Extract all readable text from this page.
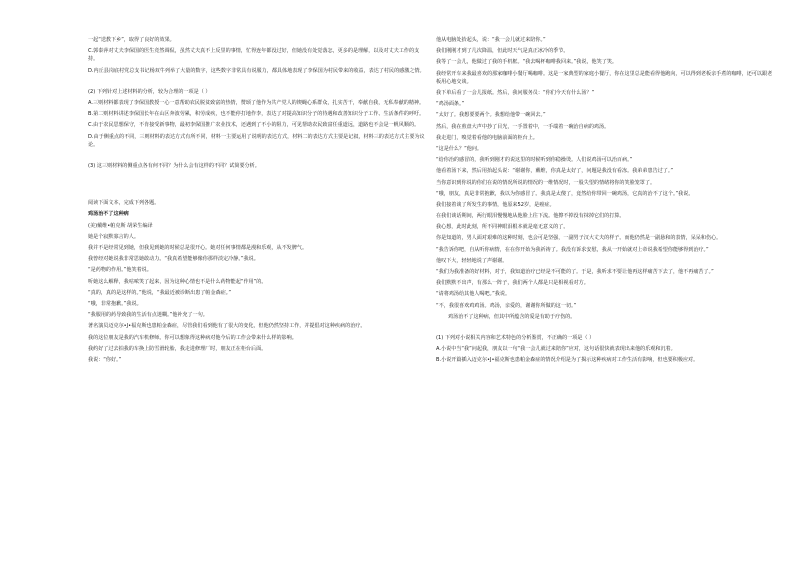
一起“送教下乡”，取得了良好的效果。

C.郭泰萍对丈夫李保国的医生竞然调侃，虽然丈夫真不上反里的事情，忙得连年都没过好，但她没有处觉落怎，更多的是理解，以及对丈夫工作的支持。

D.内丘县岗底村党总支书记杨双牛列举了大量的数字，这些数字非常具有说服力，都具体地表现了李保国为村民带来的收益，表达了村民的感激之情。

(2) 下列针对上述材料的分析，较为合理的一项是（ ）

A.三则材料都表现了李保国教授一心一意帮助农民脱贫致富的热情，赞颂了他作为共产党人的锲蝇心系群众，扎实苦干，奉献自我，无私奉献的精神。

B.第二则材料讲述李保国长年在山区奔波劳累，积劳成疾，也不能停打地作李，表达了对提高知识分子的待遇和改善知识分子工作、生活条件的呼吁。

C.由于农民思想保守，不肯接受新事物，最初李保国推广农业技术，还遇到了不小的阻力，可见帮助农民致富任重道远，道路也不会是一帆风顺的。

D.由于侧重点的不同，三则材料的表达方式有所不同，材料一主要运用了说明的表达方式，材料二的表达方式主要是记叙，材料三的表达方式主要为议论。

(3) 这三则材料的侧重点各有何不同？为什么会有这样的不同？试简要分析。

阅读下面文本，完成下列各题。

鸡汤治不了这种病

(美)戴维•帕克斯 胡荣生编译

她是个寂默寡言的人。

我并不是经常见到她，但我见到她的时候总是很开心。她对任何事情都是漫和乐观，从不发脾气。

我曾经对她说我非常思她敢动力。“我真希望能够像你那样淡定冷静。”我说。

“是药物的作用。”他笑着说。

听她这么解释，我咕哝笑了起来，因为这种心情也不是什么药物能起“作用”的。

“真的，真的是这样的。”他说，“我最近被诊断出患了帕金森症。”

“哦，非常抱歉。”我说。

“我服用的药导致我的生活有点迷糊。”他补充了一句。

著名演员迈克尔•J•福克斯也患帕金森症，尽管我们看到他有了很大的变化，但他仍然坚持工作，并提倡对这种疾病的治疗。

我的这位朋友是我的汽车机修师。你可以想象得这种病对他今后的工作会带来什么样的影响。

我约好了过去拍我的车换上防雪滑轮胎，我走进修理厂时，朋友正在柜台后面。

我说：“你好。”

他从电脑处抬起头，说：“我一会儿就过来陪你。”

我们刚刚才到了几次降温，但此时天气是真正冰冷的季节。

我等了一会儿，他做过了我的手机框。“我去喝杯咖啡我回来。”我说，他笑了笑。

我经常开车来我最喜欢的那家咖啡小餐厅喝咖啡。这是一家典型的家庭小餐厅，你在这里总是能看得他跑向，可以得到老板亲手煮的咖啡，还可以跟老板用心地交谈。

我下单后看了一会儿报纸。然后，我问服务员：“你们今天有什么汤？”

“鸡汤面条。”

“太好了。我想要要两个。我想给他带一碗回去。”

然后，我在煎盘大声中抄了目光，一手置着中，一手端着一碗治自病的鸡汤。

我走进门，嗅觉着看他的电脑前面的柜台上。

“这是什么？”他问。

“给你治的感冒的，我听到刚才的说这里的时候听到你稳操烫。人们说鸡汤可以治百病。”

他看着汤下来，然后用抬起头说：“谢谢你，戴维，你真是太好了，问题是我没有看冻。我弟弟患告过了。”

当你意识到你说的你们在说的情况所说的情况的一维情况时，一股失望的情绪将你的笑脸笼罩了。

“哦，朋友，真是非常抱歉，我以为你感冒了。我真是太傻了，竟然给你带回一碗鸡汤，它真的治不了这个。”我说。

我们接着谈了所发生的事情，他原来52岁，是癌症。

在我们谈话期间，两行眼泪慢慢地从他脸上往下流。他擦不掉没有抹掉它们的打算。

我心想，此时此刻，所不同神眼泪根本就是毫无意义的了。

你是知道的，男人面对艰难的这种时刻，也会可是坚强，一副男子汉大丈夫的样子。而他仍然是一副悬和的表情，呆呆和伤心。

“我告诉你吧，自从听你病情，在在你开始为我祈祷了。我没有诉求安慰，我从一开始就对上帝说我希望你能够得到治疗。”

他叹下大，轻轻地说了声谢谢。

“我们为我准备的好材料，对于，我知道治疗已经是不可能的了。于是，我听求不要让他再这样痛苦下去了，他不再痛苦了。”

我们默默不出声，有那么一阵子，我们两个人都是只是相视看对方。

“请将鸡汤给其他人喝吧。”我说。

“不，我很喜欢鸡鸡汤。鸡汤，亲爱的，谢谢你所做的这一切。”

鸡汤治不了这种病，但其中所蕴含的爱是有助于疗伤的。

(1) 下列对小说相关内容和艺术特色的分析鉴赏，不正确的一项是（ ）

A.小说中当“我”问起我，朋友以一句“我一会儿就过来陪你”应对，这句话很快就表现出来他的乐观和沉着。

B.小说开篇插入迈克尔•J•福克斯也患帕金森症的情况介绍是为了揭示这种疾病对工作生活有影响，但也要积极应对。
